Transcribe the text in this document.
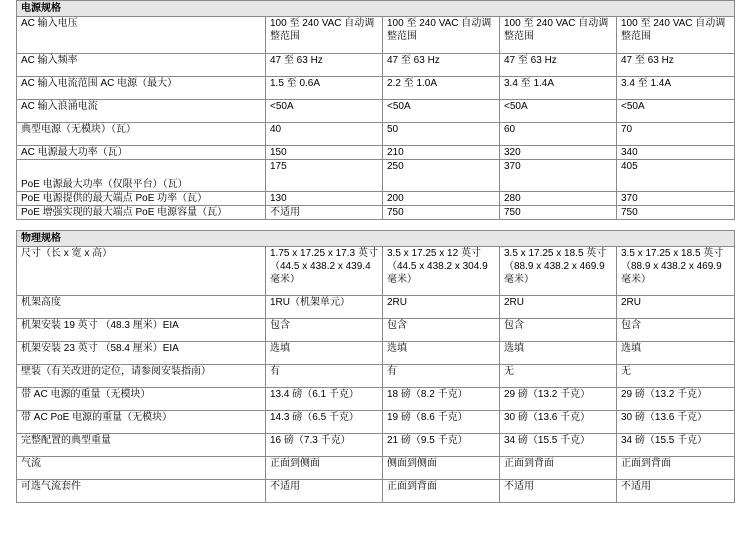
电源规格				
AC 输入电压	100 至 240 VAC 自动调整范围	100 至 240 VAC 自动调整范围	100 至 240 VAC 自动调整范围	100 至 240 VAC 自动调整范围
AC 输入频率	47 至 63 Hz	47 至 63 Hz	47 至 63 Hz	47 至 63 Hz
AC 输入电流范围 AC 电源（最大）	1.5 至 0.6A	2.2 至 1.0A	3.4 至 1.4A	3.4 至 1.4A
AC 输入浪涌电流	<50A	<50A	<50A	<50A
典型电源（无模块）（瓦）	40	50	60	70
AC 电源最大功率（瓦）	150	210	320	340
PoE 电源最大功率（仅限平台）（瓦）	175	250	370	405
PoE 电源提供的最大端点 PoE 功率（瓦）	130	200	280	370
PoE 增强实现的最大端点 PoE 电源容量（瓦）	不适用	750	750	750

物理规格				
尺寸（长 x 宽 x 高）	1.75 x 17.25 x 17.3 英寸（44.5 x 438.2 x 439.4 毫米）	3.5 x 17.25 x 12 英寸（44.5 x 438.2 x 304.9 毫米）	3.5 x 17.25 x 18.5 英寸（88.9 x 438.2 x 469.9 毫米）	3.5 x 17.25 x 18.5 英寸（88.9 x 438.2 x 469.9 毫米）
机架高度	1RU（机架单元）	2RU	2RU	2RU
机架安装 19 英寸 （48.3 厘米）EIA	包含	包含	包含	包含
机架安装 23 英寸 （58.4 厘米）EIA	选填	选填	选填	选填
壁装（有关改进的定位，请参阅安装指南）	有	有	无	无
带 AC 电源的重量（无模块）	13.4 磅（6.1 千克）	18 磅（8.2 千克）	29 磅（13.2 千克）	29 磅（13.2 千克）
带 AC PoE 电源的重量（无模块）	14.3 磅（6.5 千克）	19 磅（8.6 千克）	30 磅（13.6 千克）	30 磅（13.6 千克）
完整配置的典型重量	16 磅（7.3 千克）	21 磅（9.5 千克）	34 磅（15.5 千克）	34 磅（15.5 千克）
气流	正面到侧面	侧面到侧面	正面到背面	正面到背面
可选气流套件	不适用	正面到背面	不适用	不适用
